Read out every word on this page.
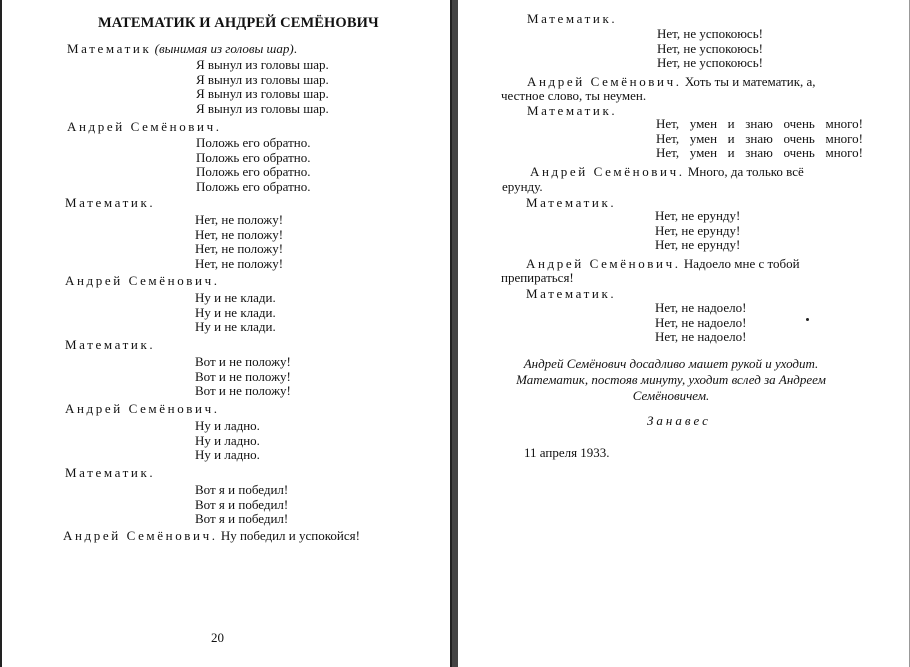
МАТЕМАТИК И АНДРЕЙ СЕМЁНОВИЧ
Математик (вынимая из головы шар).
Я вынул из головы шар.
Я вынул из головы шар.
Я вынул из головы шар.
Я вынул из головы шар.
Андрей Семёнович.
Положь его обратно.
Положь его обратно.
Положь его обратно.
Положь его обратно.
Математик.
Нет, не положу!
Нет, не положу!
Нет, не положу!
Нет, не положу!
Андрей Семёнович.
Ну и не клади.
Ну и не клади.
Ну и не клади.
Математик.
Вот и не положу!
Вот и не положу!
Вот и не положу!
Андрей Семёнович.
Ну и ладно.
Ну и ладно.
Ну и ладно.
Математик.
Вот я и победил!
Вот я и победил!
Вот я и победил!
Андрей Семёнович. Ну победил и успокойся!
20
Математик.
Нет, не успокоюсь!
Нет, не успокоюсь!
Нет, не успокоюсь!
Андрей Семёнович. Хоть ты и математик, а,
честное слово, ты неумен.
Математик.
Нет, умен и знаю очень много!
Нет, умен и знаю очень много!
Нет, умен и знаю очень много!
Андрей Семёнович. Много, да только всё
ерунду.
Математик.
Нет, не ерунду!
Нет, не ерунду!
Нет, не ерунду!
Андрей Семёнович. Надоело мне с тобой
препираться!
Математик.
Нет, не надоело!
Нет, не надоело!
Нет, не надоело!
Андрей Семёнович досадливо машет рукой и уходит.
Математик, постояв минуту, уходит вслед за Андреем
Семёновичем.
Занавес
11 апреля 1933.
